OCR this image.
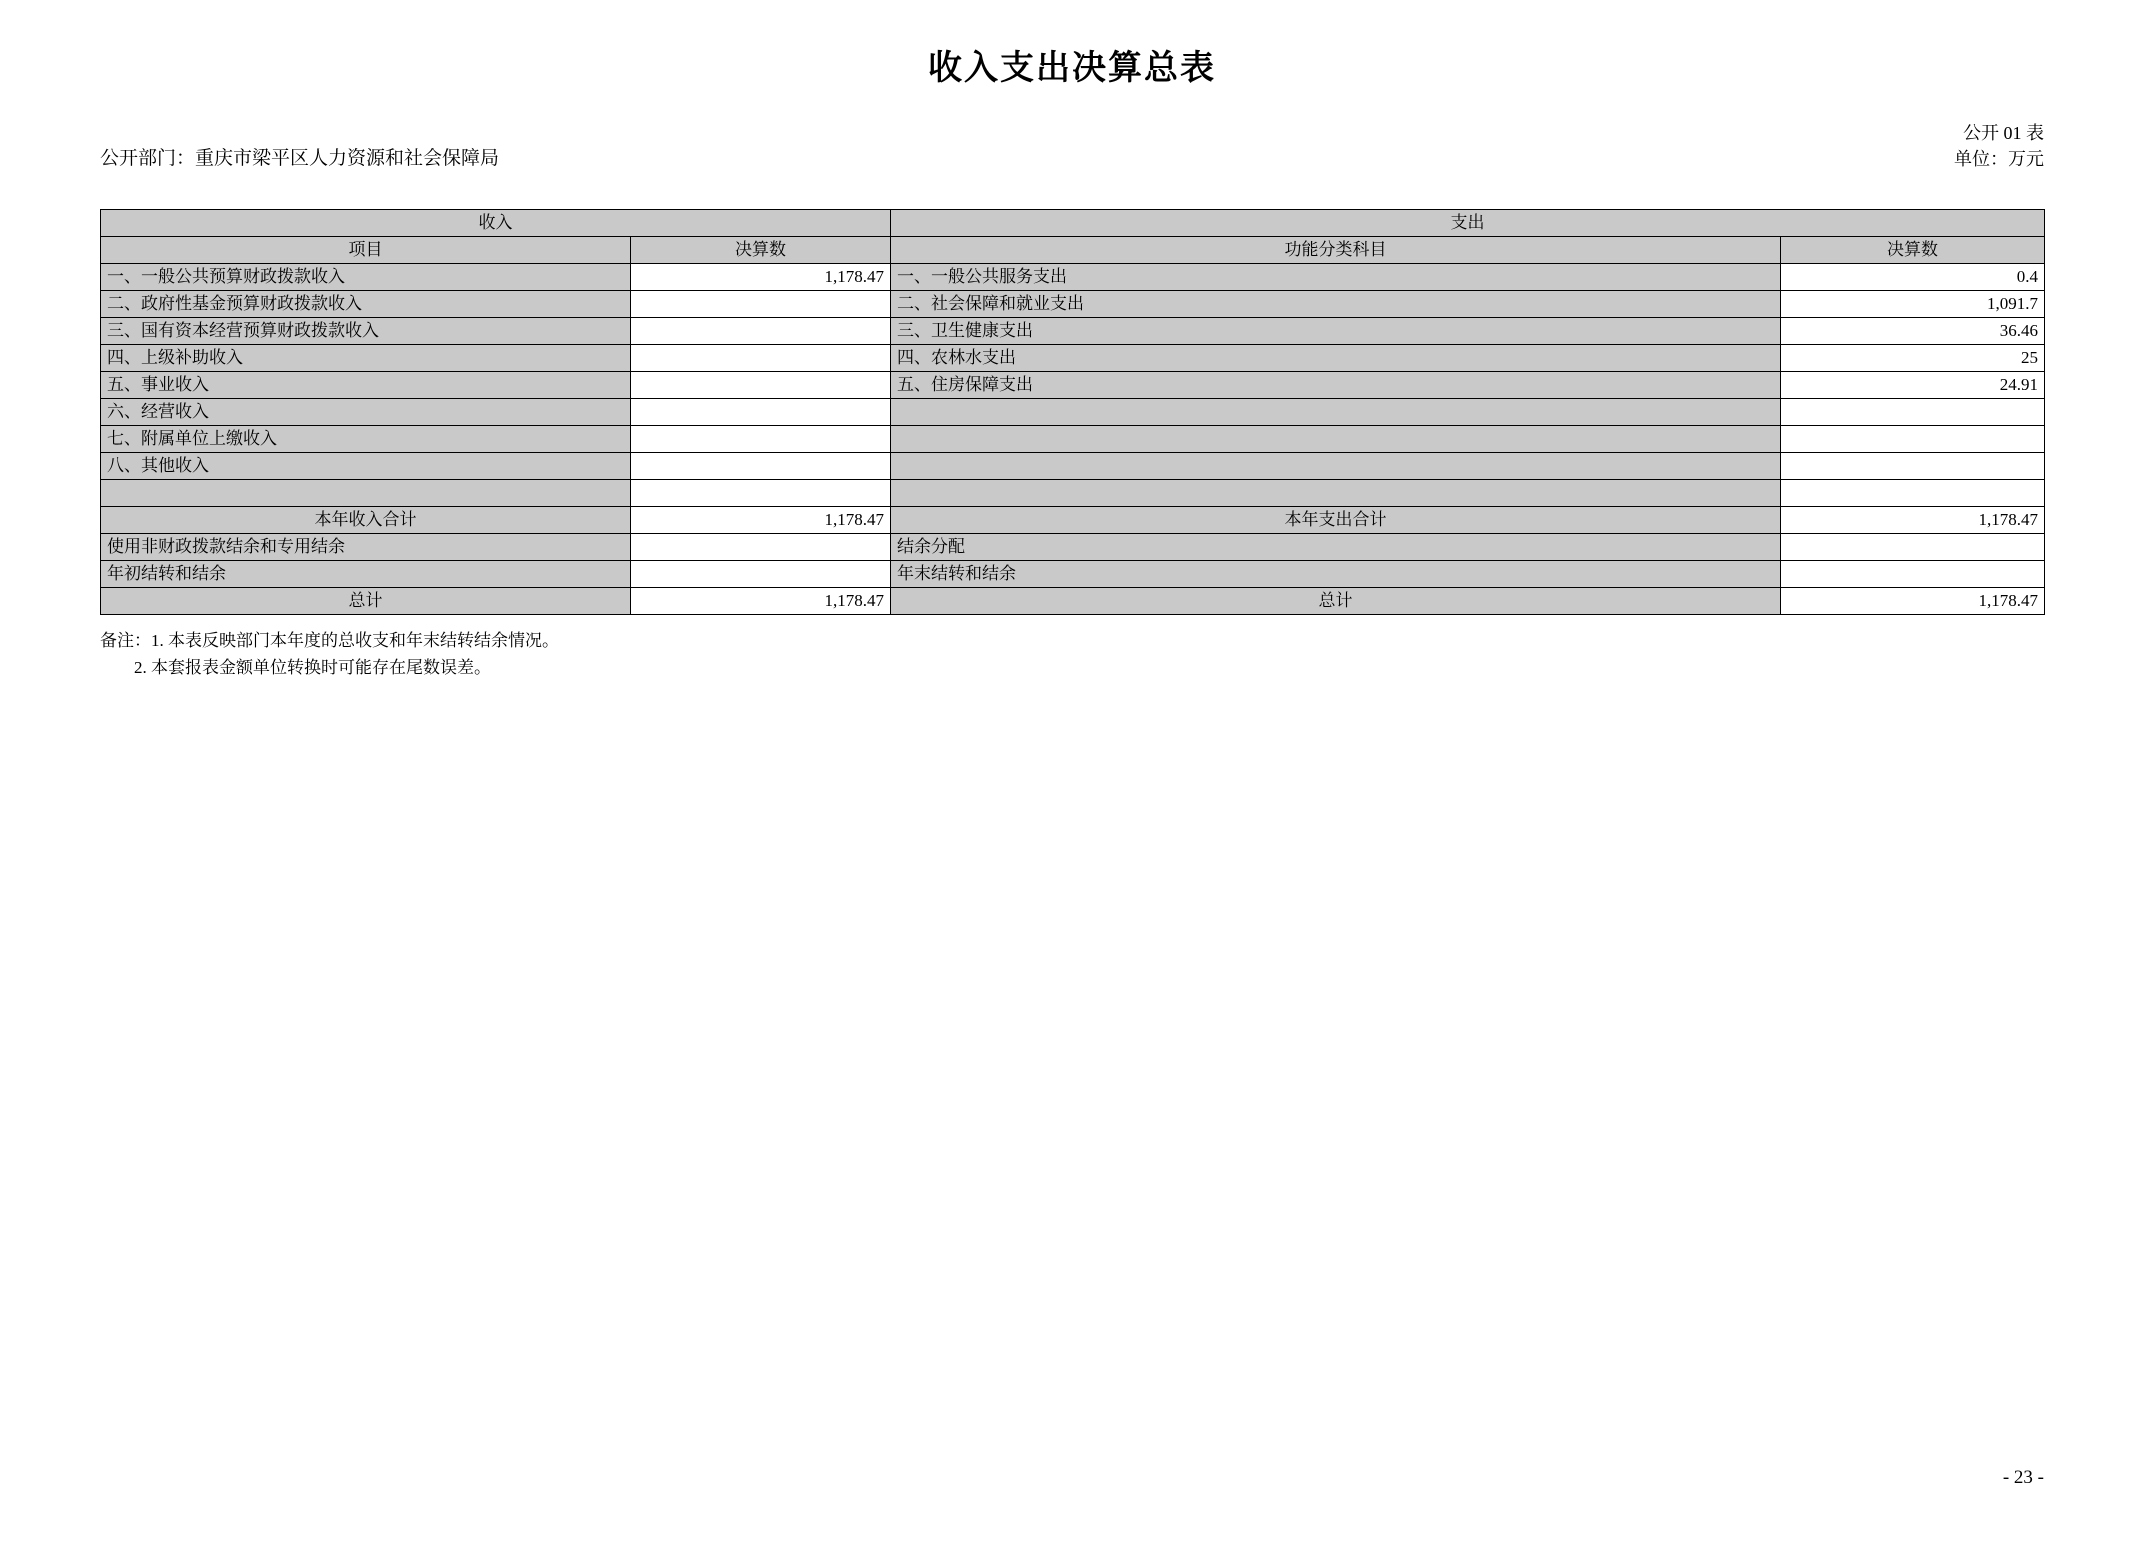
收入支出决算总表
公开 01 表
单位：万元
公开部门：重庆市梁平区人力资源和社会保障局
收入		支出	
项目	决算数	功能分类科目	决算数
一、一般公共预算财政拨款收入	1,178.47	一、一般公共服务支出	0.4
二、政府性基金预算财政拨款收入		二、社会保障和就业支出	1,091.7
三、国有资本经营预算财政拨款收入		三、卫生健康支出	36.46
四、上级补助收入		四、农林水支出	25
五、事业收入		五、住房保障支出	24.91
六、经营收入			
七、附属单位上缴收入			
八、其他收入			

本年收入合计	1,178.47	本年支出合计	1,178.47
使用非财政拨款结余和专用结余		结余分配	
年初结转和结余		年末结转和结余	
总计	1,178.47	总计	1,178.47
备注：1. 本表反映部门本年度的总收支和年末结转结余情况。
2. 本套报表金额单位转换时可能存在尾数误差。
- 23 -
